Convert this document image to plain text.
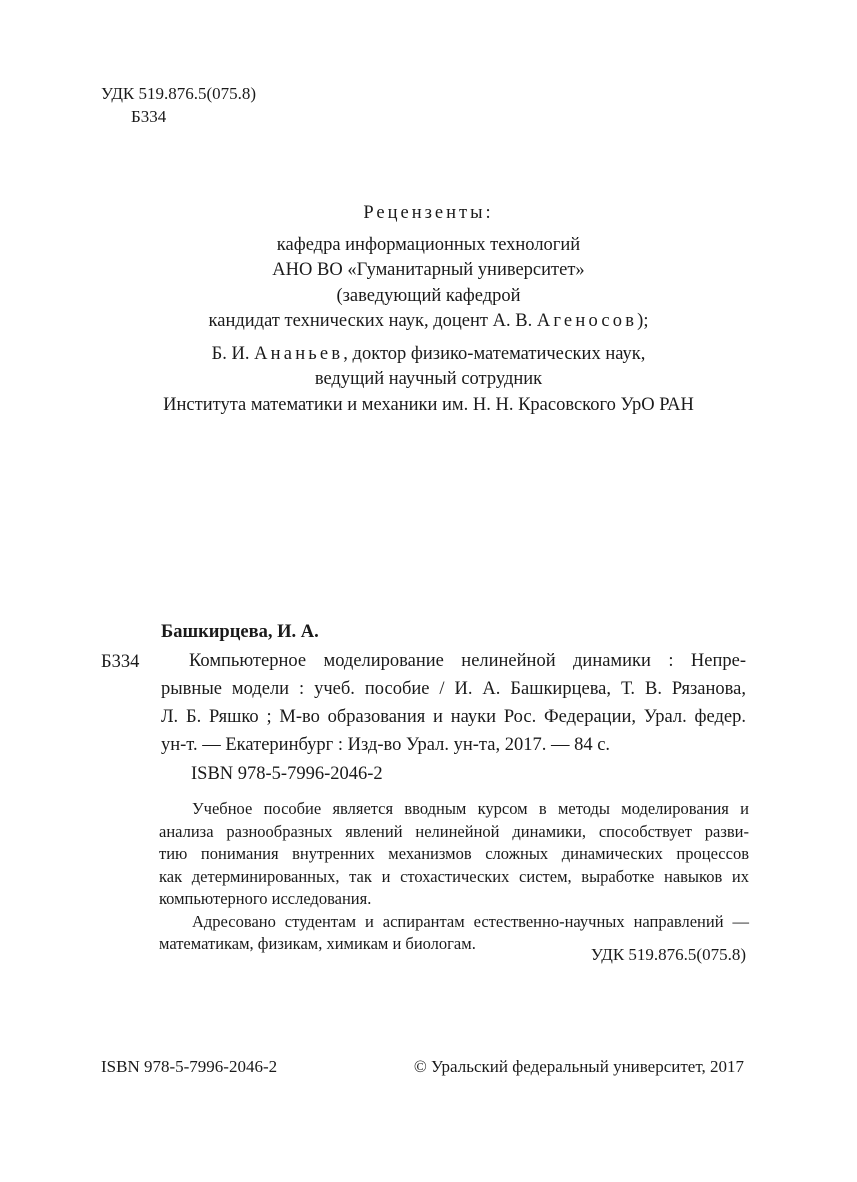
УДК 519.876.5(075.8)
Б334
Рецензенты:
кафедра информационных технологий
АНО ВО «Гуманитарный университет»
(заведующий кафедрой
кандидат технических наук, доцент А. В. Агеносов);
Б. И. Ананьев, доктор физико-математических наук,
ведущий научный сотрудник
Института математики и механики им. Н. Н. Красовского УрО РАН
Башкирцева, И. А.
Б334	Компьютерное моделирование нелинейной динамики : Непре-
рывные модели : учеб. пособие / И. А. Башкирцева, Т. В. Рязанова,
Л. Б. Ряшко ; М-во образования и науки Рос. Федерации, Урал. федер.
ун-т. — Екатеринбург : Изд-во Урал. ун-та, 2017. — 84 с.
ISBN 978-5-7996-2046-2
Учебное пособие является вводным курсом в методы моделирования и
анализа разнообразных явлений нелинейной динамики, способствует разви-
тию понимания внутренних механизмов сложных динамических процессов
как детерминированных, так и стохастических систем, выработке навыков их
компьютерного исследования.
Адресовано студентам и аспирантам естественно-научных направлений —
математикам, физикам, химикам и биологам.
УДК 519.876.5(075.8)
ISBN 978-5-7996-2046-2	© Уральский федеральный университет, 2017
